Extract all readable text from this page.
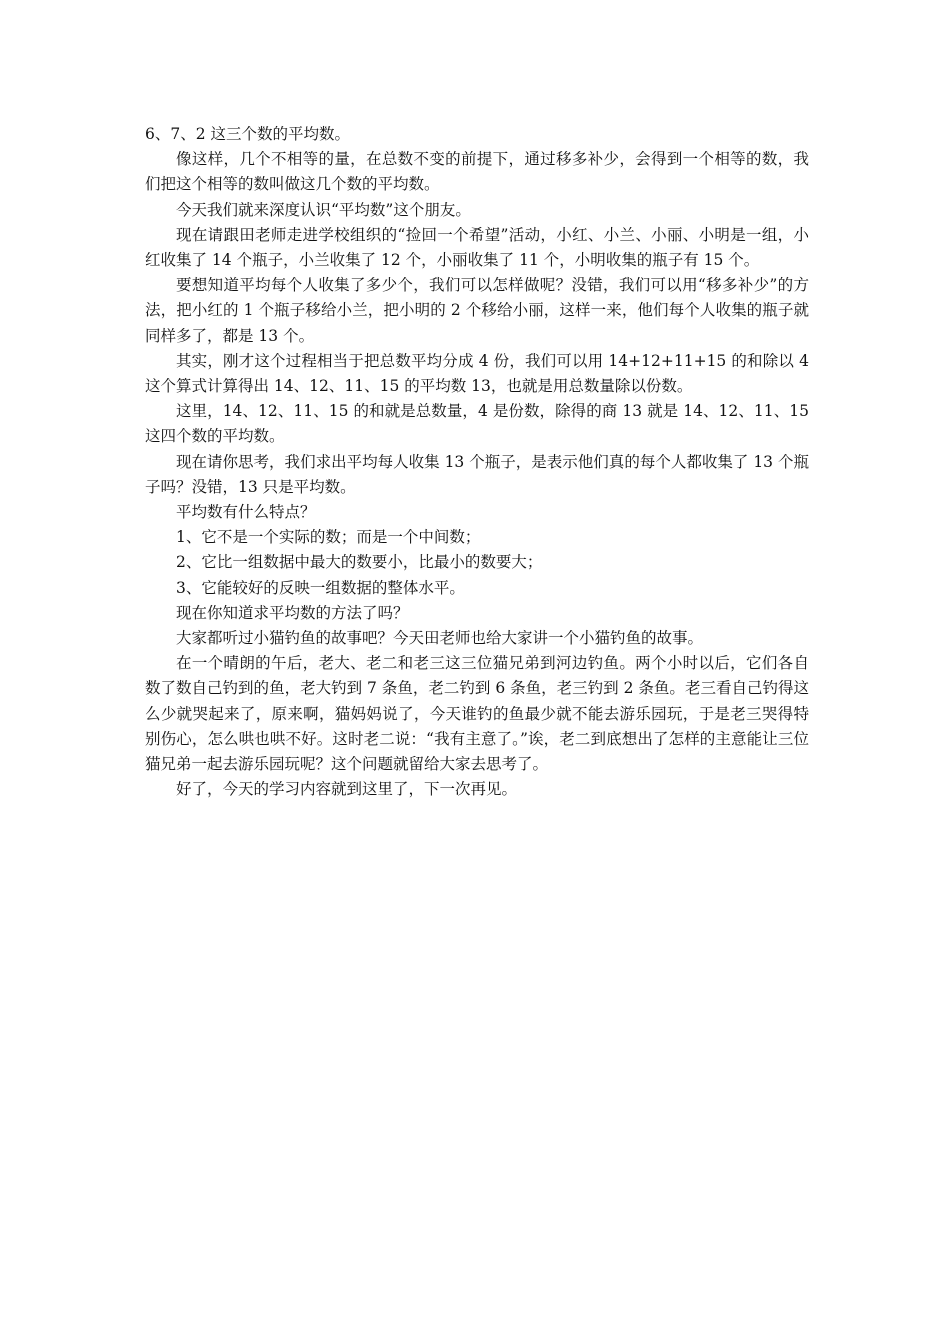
6、7、2 这三个数的平均数。

像这样，几个不相等的量，在总数不变的前提下，通过移多补少，会得到一个相等的数，我们把这个相等的数叫做这几个数的平均数。

今天我们就来深度认识“平均数”这个朋友。

现在请跟田老师走进学校组织的“捡回一个希望”活动，小红、小兰、小丽、小明是一组，小红收集了 14 个瓶子，小兰收集了 12 个，小丽收集了 11 个，小明收集的瓶子有 15 个。

要想知道平均每个人收集了多少个，我们可以怎样做呢？没错，我们可以用“移多补少”的方法，把小红的 1 个瓶子移给小兰，把小明的 2 个移给小丽，这样一来，他们每个人收集的瓶子就同样多了，都是 13 个。

其实，刚才这个过程相当于把总数平均分成 4 份，我们可以用 14+12+11+15 的和除以 4 这个算式计算得出 14、12、11、15 的平均数 13，也就是用总数量除以份数。

这里，14、12、11、15 的和就是总数量，4 是份数，除得的商 13 就是 14、12、11、15 这四个数的平均数。

现在请你思考，我们求出平均每人收集 13 个瓶子，是表示他们真的每个人都收集了 13 个瓶子吗？没错，13 只是平均数。

平均数有什么特点？

1、它不是一个实际的数；而是一个中间数；

2、它比一组数据中最大的数要小，比最小的数要大；

3、它能较好的反映一组数据的整体水平。

现在你知道求平均数的方法了吗？

大家都听过小猫钓鱼的故事吧？今天田老师也给大家讲一个小猫钓鱼的故事。

在一个晴朗的午后，老大、老二和老三这三位猫兄弟到河边钓鱼。两个小时以后，它们各自数了数自己钓到的鱼，老大钓到 7 条鱼，老二钓到 6 条鱼，老三钓到 2 条鱼。老三看自己钓得这么少就哭起来了，原来啊，猫妈妈说了，今天谁钓的鱼最少就不能去游乐园玩，于是老三哭得特别伤心，怎么哄也哄不好。这时老二说：“我有主意了。”诶，老二到底想出了怎样的主意能让三位猫兄弟一起去游乐园玩呢？这个问题就留给大家去思考了。

好了，今天的学习内容就到这里了，下一次再见。
